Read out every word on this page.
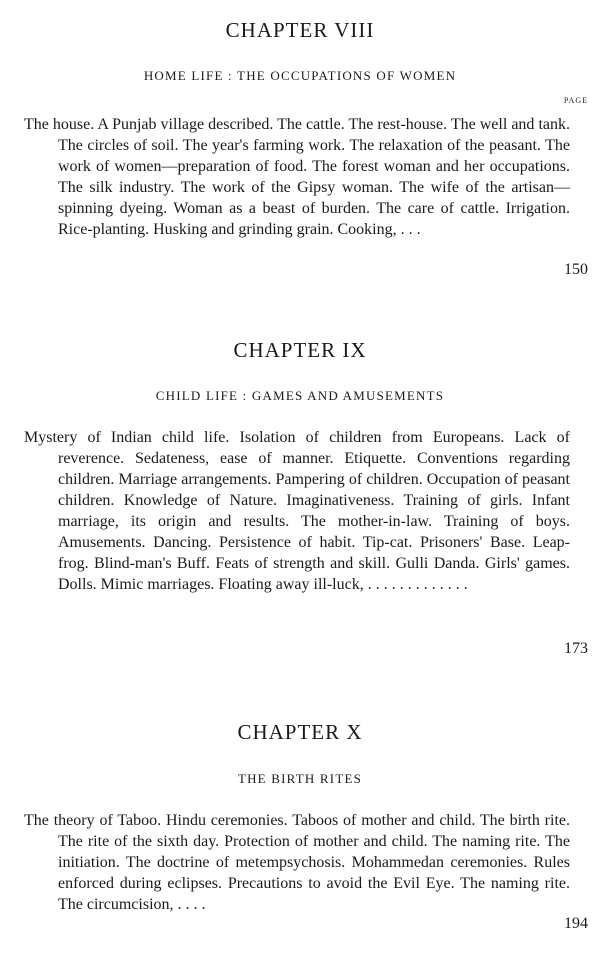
CHAPTER VIII
HOME LIFE : THE OCCUPATIONS OF WOMEN
PAGE
The house. A Punjab village described. The cattle. The rest-house. The well and tank. The circles of soil. The year's farming work. The relaxation of the peasant. The work of women—preparation of food. The forest woman and her occupations. The silk industry. The work of the Gipsy woman. The wife of the artisan—spinning dyeing. Woman as a beast of burden. The care of cattle. Irrigation. Rice-planting. Husking and grinding grain. Cooking, . . .
150
CHAPTER IX
CHILD LIFE : GAMES AND AMUSEMENTS
Mystery of Indian child life. Isolation of children from Europeans. Lack of reverence. Sedateness, ease of manner. Etiquette. Conventions regarding children. Marriage arrangements. Pampering of children. Occupation of peasant children. Knowledge of Nature. Imaginativeness. Training of girls. Infant marriage, its origin and results. The mother-in-law. Training of boys. Amusements. Dancing. Persistence of habit. Tip-cat. Prisoners' Base. Leap-frog. Blind-man's Buff. Feats of strength and skill. Gulli Danda. Girls' games. Dolls. Mimic marriages. Floating away ill-luck, . . . . . . . . . . . . .
173
CHAPTER X
THE BIRTH RITES
The theory of Taboo. Hindu ceremonies. Taboos of mother and child. The birth rite. The rite of the sixth day. Protection of mother and child. The naming rite. The initiation. The doctrine of metempsychosis. Mohammedan ceremonies. Rules enforced during eclipses. Precautions to avoid the Evil Eye. The naming rite. The circumcision, . . . .
194
